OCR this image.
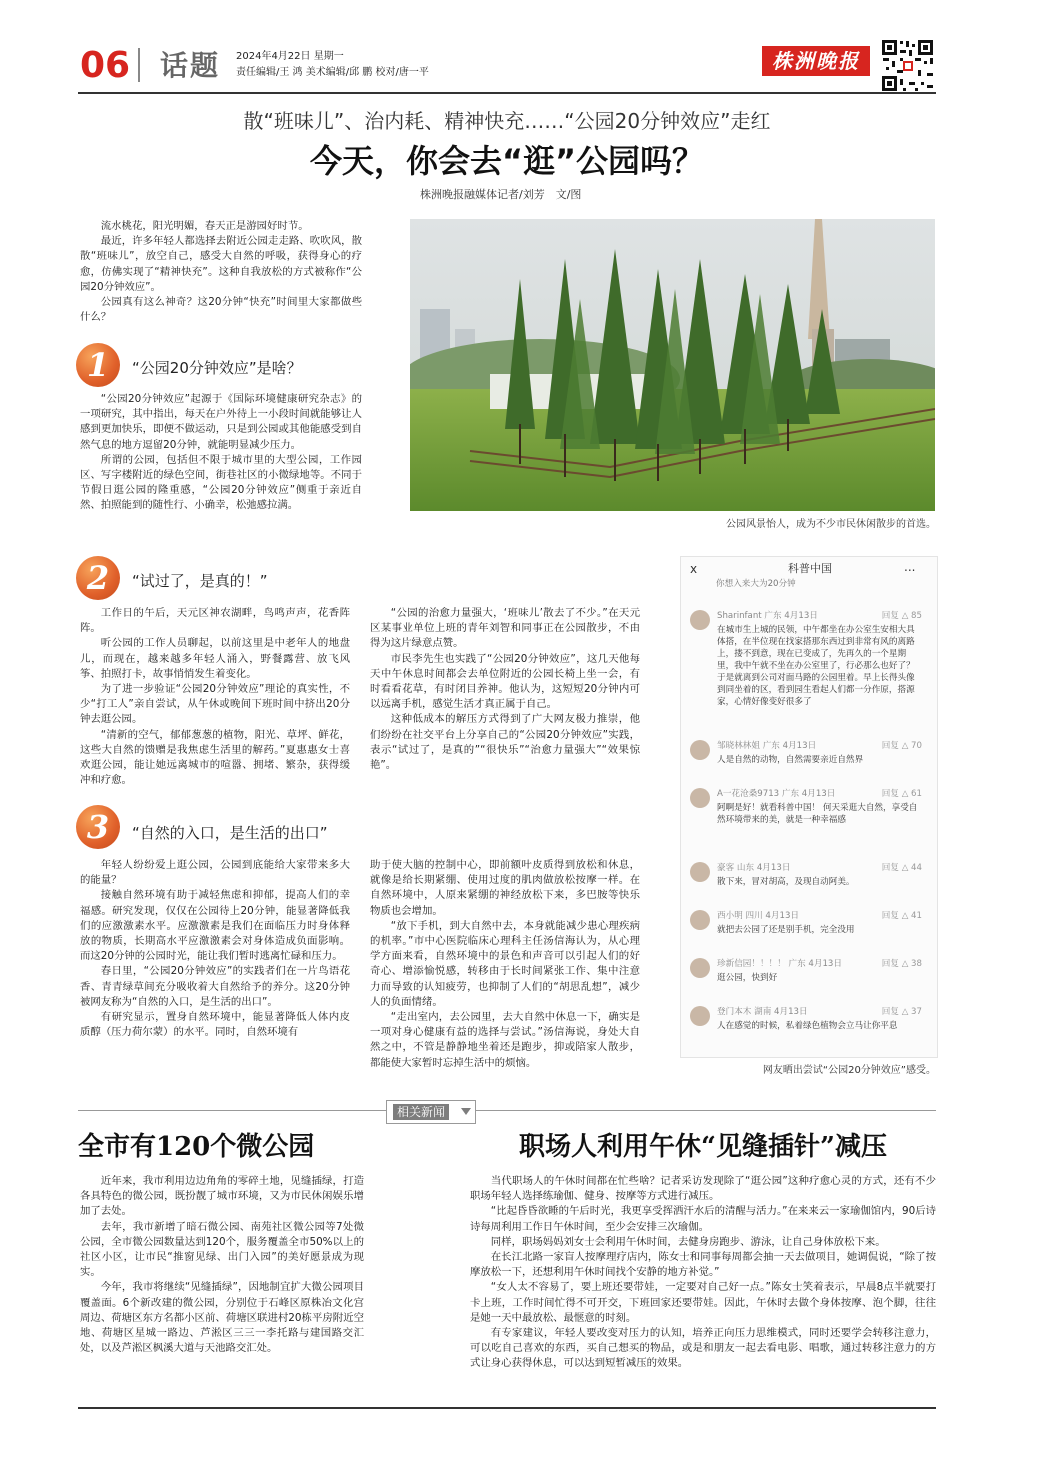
06 话题 2024年4月22日 星期一
责任编辑/王 鸿 美术编辑/邱 鹏 校对/唐一平	株洲晚报
散“班味儿”、治内耗、精神快充……“公园20分钟效应”走红
今天，你会去“逛”公园吗？
株洲晚报融媒体记者/刘芳　文/图
流水桃花，阳光明媚，春天正是游园好时节。
最近，许多年轻人都选择去附近公园走走路、吹吹风，散散“班味儿”，放空自己，感受大自然的呼吸，获得身心的疗愈，仿佛实现了“精神快充”。这种自我放松的方式被称作“公园20分钟效应”。
公园真有这么神奇？这20分钟“快充”时间里大家都做些什么？
公园风景怡人，成为不少市民休闲散步的首选。
1	“公园20分钟效应”是啥？
“公园20分钟效应”起源于《国际环境健康研究杂志》的一项研究，其中指出，每天在户外待上一小段时间就能够让人感到更加快乐，即便不做运动，只是到公园或其他能感受到自然气息的地方逗留20分钟，就能明显减少压力。
所谓的公园，包括但不限于城市里的大型公园，工作园区、写字楼附近的绿色空间，街巷社区的小微绿地等。不同于节假日逛公园的隆重感，“公园20分钟效应”侧重于亲近自然、拍照能到的随性行、小确幸，松弛感拉满。
2	“试过了，是真的！”
工作日的午后，天元区神农湖畔，鸟鸣声声，花香阵阵。
听公园的工作人员聊起，以前这里是中老年人的地盘儿，而现在，越来越多年轻人涌入，野餐露营、放飞风筝、拍照打卡，故事悄悄发生着变化。
为了进一步验证“公园20分钟效应”理论的真实性，不少“打工人”亲自尝试，从午休或晚间下班时间中挤出20分钟去逛公园。
“清新的空气，郁郁葱葱的植物，阳光、草坪、鲜花，这些大自然的馈赠是我焦虑生活里的解药。”夏惠惠女士喜欢逛公园，能让她远离城市的喧嚣、拥堵、繁杂，获得缓冲和疗愈。
“公园的治愈力量强大，‘班味儿’散去了不少。”在天元区某事业单位上班的青年刘智和同事正在公园散步，不由得为这片绿意点赞。
市民李先生也实践了“公园20分钟效应”，这几天他每天中午休息时间都会去单位附近的公园长椅上坐一会，有时看看花草，有时闭目养神。他认为，这短短20分钟内可以远离手机，感觉生活才真正属于自己。
这种低成本的解压方式得到了广大网友极力推崇，他们纷纷在社交平台上分享自己的“公园20分钟效应”实践，表示“试过了，是真的”“很快乐”“治愈力量强大”“效果惊艳”。
3	“自然的入口，是生活的出口”
年轻人纷纷爱上逛公园，公园到底能给大家带来多大的能量？
接触自然环境有助于减轻焦虑和抑郁，提高人们的幸福感。研究发现，仅仅在公园待上20分钟，能显著降低我们的应激激素水平。应激激素是我们在面临压力时身体释放的物质，长期高水平应激激素会对身体造成负面影响。而这20分钟的公园时光，能让我们暂时逃离忙碌和压力。
春日里，“公园20分钟效应”的实践者们在一片鸟语花香、青青绿草间充分吸收着大自然给予的养分。这20分钟被网友称为“自然的入口，是生活的出口”。
有研究显示，置身自然环境中，能显著降低人体内皮质醇（压力荷尔蒙）的水平。同时，自然环境有
助于使大脑的控制中心，即前额叶皮质得到放松和休息，就像是给长期紧绷、使用过度的肌肉做放松按摩一样。在自然环境中，人原来紧绷的神经放松下来，多巴胺等快乐物质也会增加。
“放下手机，到大自然中去，本身就能减少患心理疾病的机率。”市中心医院临床心理科主任汤信海认为，从心理学方面来看，自然环境中的景色和声音可以引起人们的好奇心、增添愉悦感，转移由于长时间紧张工作、集中注意力而导致的认知疲劳，也抑制了人们的“胡思乱想”，减少人的负面情绪。
“走出室内，去公园里，去大自然中休息一下，确实是一项对身心健康有益的选择与尝试。”汤信海说，身处大自然之中，不管是静静地坐着还是跑步，抑或陪家人散步，都能使大家暂时忘掉生活中的烦恼。
x	科普中国	...
你想入来大为20分钟
Sharinfant 广东 4月13日	回复 △ 85
在城市生上城的民领，中午都坐在办公室生安相大具体搭，在半位现在找家搭那东西过到非常有风的离路上，搂不到意，现在已变成了，先再久的一个星期里，我中午就不坐在办公室里了，行必那么也好了？于是就离到公司对面马路的公园里着。早上长得头像到同坐着的区，看到园生看起人们都一分作原，搭源家，心情好像变好很多了
邹晓林林姐 广东 4月13日	回复 △ 70
人是自然的动物，自然需要亲近自然界
A一花沧桑9713 广东 4月13日	回复 △ 61
阿啊是好！就看科普中国！ 何天采逛大自然，享受自然环境带来的美，就是一种幸福感
豪客 山东 4月13日	回复 △ 44
散下来，冒对胡高，及现自动阿美。
西小明 四川 4月13日	回复 △ 41
就把去公园了还是别手机，完全没用
珍新信园！！！！ 广东 4月13日	回复 △ 38
逛公园，快到好
登门本木 湖南 4月13日	回复 △ 37
人在感觉的时候，私着绿色植物会立马让你平息
网友晒出尝试“公园20分钟效应”感受。
相关新闻
全市有120个微公园
近年来，我市利用边边角角的零碎土地，见缝插绿，打造各具特色的微公园，既扮靓了城市环境，又为市民休闲娱乐增加了去处。
去年，我市新增了暗石微公园、南苑社区微公园等7处微公园，全市微公园数量达到120个，服务覆盖全市50%以上的社区小区，让市民“推窗见绿、出门入园”的美好愿景成为现实。
今年，我市将继续“见缝插绿”，因地制宜扩大微公园项目覆盖面。6个新改建的微公园，分别位于石峰区原株冶文化宫周边、荷塘区东方名都小区前、荷塘区联进村20栋平房附近空地、荷塘区星城一路边、芦淞区三三一李托路与建国路交汇处，以及芦淞区枫溪大道与天池路交汇处。
职场人利用午休“见缝插针”减压
当代职场人的午休时间都在忙些啥？记者采访发现除了“逛公园”这种疗愈心灵的方式，还有不少职场年轻人选择练瑜伽、健身、按摩等方式进行减压。
“比起昏昏欲睡的午后时光，我更享受挥洒汗水后的清醒与活力。”在来来云一家瑜伽馆内，90后诗诗每周利用工作日午休时间，至少会安排三次瑜伽。
同样，职场妈妈刘女士会利用午休时间，去健身房跑步、游泳，让自己身体放松下来。
在长江北路一家盲人按摩理疗店内，陈女士和同事每周都会抽一天去做项目，她调侃说，“除了按摩放松一下，还想利用午休时间找个安静的地方补觉。”
“女人太不容易了，要上班还要带娃，一定要对自己好一点。”陈女士笑着表示，早晨8点半就要打卡上班，工作时间忙得不可开交，下班回家还要带娃。因此，午休时去做个身体按摩、泡个脚，往往是她一天中最放松、最惬意的时刻。
有专家建议，年轻人要改变对压力的认知，培养正向压力思维模式，同时还要学会转移注意力，可以吃自己喜欢的东西，买自己想买的物品，或是和朋友一起去看电影、唱歌，通过转移注意力的方式让身心获得休息，可以达到短暂减压的效果。
